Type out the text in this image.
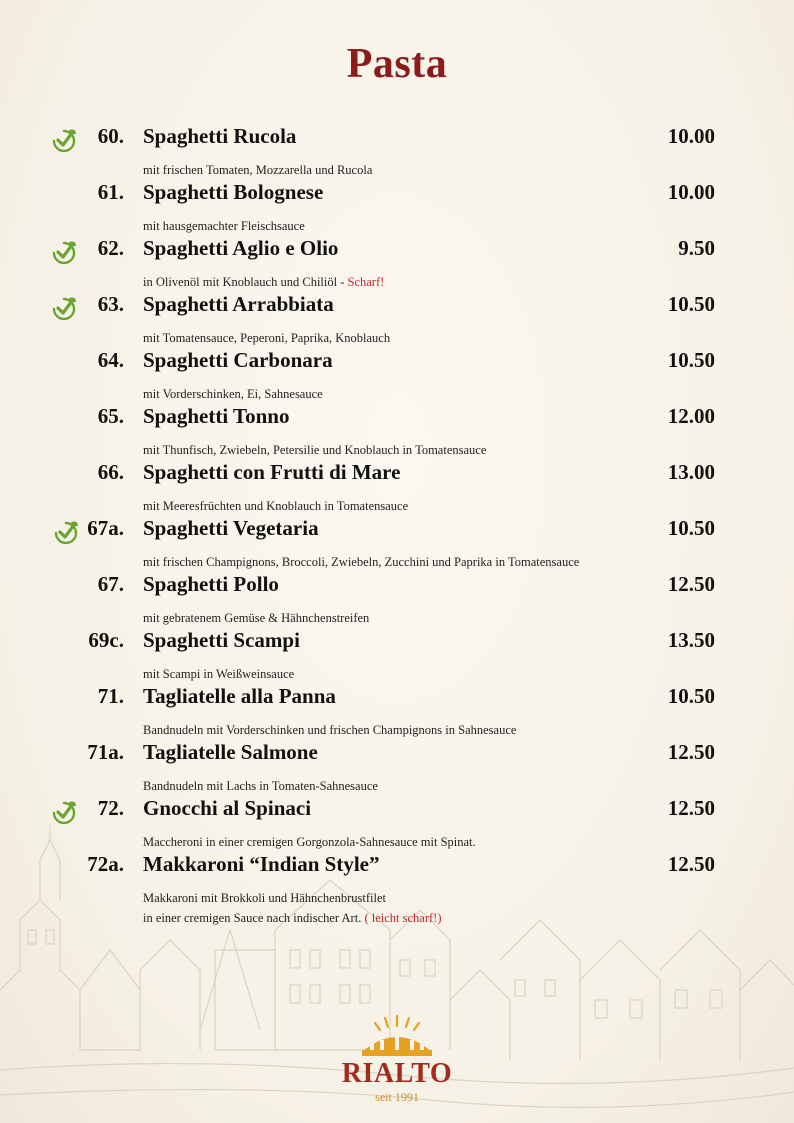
Pasta
60. Spaghetti Rucola	10.00
mit frischen Tomaten, Mozzarella und Rucola
61. Spaghetti Bolognese	10.00
mit hausgemachter Fleischsauce
62. Spaghetti Aglio e Olio	9.50
in Olivenöl mit Knoblauch und Chiliöl - Scharf!
63. Spaghetti Arrabbiata	10.50
mit Tomatensauce, Peperoni, Paprika, Knoblauch
64. Spaghetti Carbonara	10.50
mit Vorderschinken, Ei, Sahnesauce
65. Spaghetti Tonno	12.00
mit Thunfisch, Zwiebeln, Petersilie und Knoblauch in Tomatensauce
66. Spaghetti con Frutti di Mare	13.00
mit Meeresfrüchten und Knoblauch in Tomatensauce
67a. Spaghetti Vegetaria	10.50
mit frischen Champignons, Broccoli, Zwiebeln, Zucchini und Paprika in Tomatensauce
67. Spaghetti Pollo	12.50
mit gebratenem Gemüse & Hähnchenstreifen
69c. Spaghetti Scampi	13.50
mit Scampi in Weißweinsauce
71. Tagliatelle alla Panna	10.50
Bandnudeln mit Vorderschinken und frischen Champignons in Sahnesauce
71a. Tagliatelle Salmone	12.50
Bandnudeln mit Lachs in Tomaten-Sahnesauce
72. Gnocchi al Spinaci	12.50
Maccheroni in einer cremigen Gorgonzola-Sahnesauce mit Spinat.
72a. Makkaroni “Indian Style”	12.50
Makkaroni mit Brokkoli und Hähnchenbrustfilet
in einer cremigen Sauce nach indischer Art. ( leicht scharf!)
RIALTO
seit 1991
